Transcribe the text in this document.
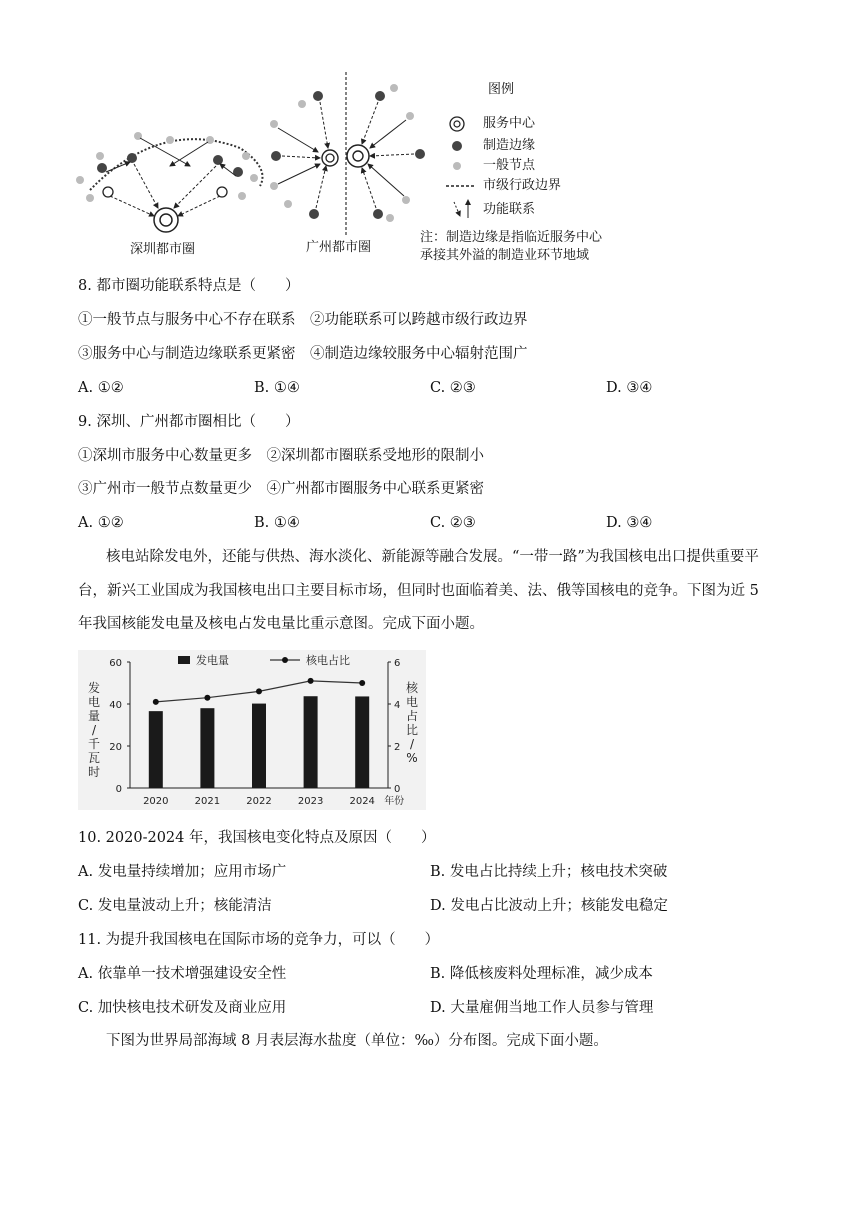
图例
服务中心
制造边缘
一般节点
市级行政边界
功能联系
注：制造边缘是指临近服务中心
承接其外溢的制造业环节地域
深圳都市圈	广州都市圈
8. 都市圈功能联系特点是（　　）
①一般节点与服务中心不存在联系　②功能联系可以跨越市级行政边界
③服务中心与制造边缘联系更紧密　④制造边缘较服务中心辐射范围广
A. ①②	B. ①④	C. ②③	D. ③④
9. 深圳、广州都市圈相比（　　）
①深圳市服务中心数量更多　②深圳都市圈联系受地形的限制小
③广州市一般节点数量更少　④广州都市圈服务中心联系更紧密
A. ①②	B. ①④	C. ②③	D. ③④
核电站除发电外，还能与供热、海水淡化、新能源等融合发展。“一带一路”为我国核电出口提供重要平
台，新兴工业国成为我国核电出口主要目标市场，但同时也面临着美、法、俄等国核电的竞争。下图为近 5
年我国核能发电量及核电占发电量比重示意图。完成下面小题。
0
20
40
60
0
2
4
6
2020	2021	2022	2023	2024 年份
发
电
量
/
千
瓦
时
核
电
占
比
/
%
发电量	核电占比
10. 2020-2024 年，我国核电变化特点及原因（　　）
A. 发电量持续增加；应用市场广	B. 发电占比持续上升；核电技术突破
C. 发电量波动上升；核能清洁	D. 发电占比波动上升；核能发电稳定
11. 为提升我国核电在国际市场的竞争力，可以（　　）
A. 依靠单一技术增强建设安全性	B. 降低核废料处理标准，减少成本
C. 加快核电技术研发及商业应用	D. 大量雇佣当地工作人员参与管理
下图为世界局部海域 8 月表层海水盐度（单位：‰）分布图。完成下面小题。
